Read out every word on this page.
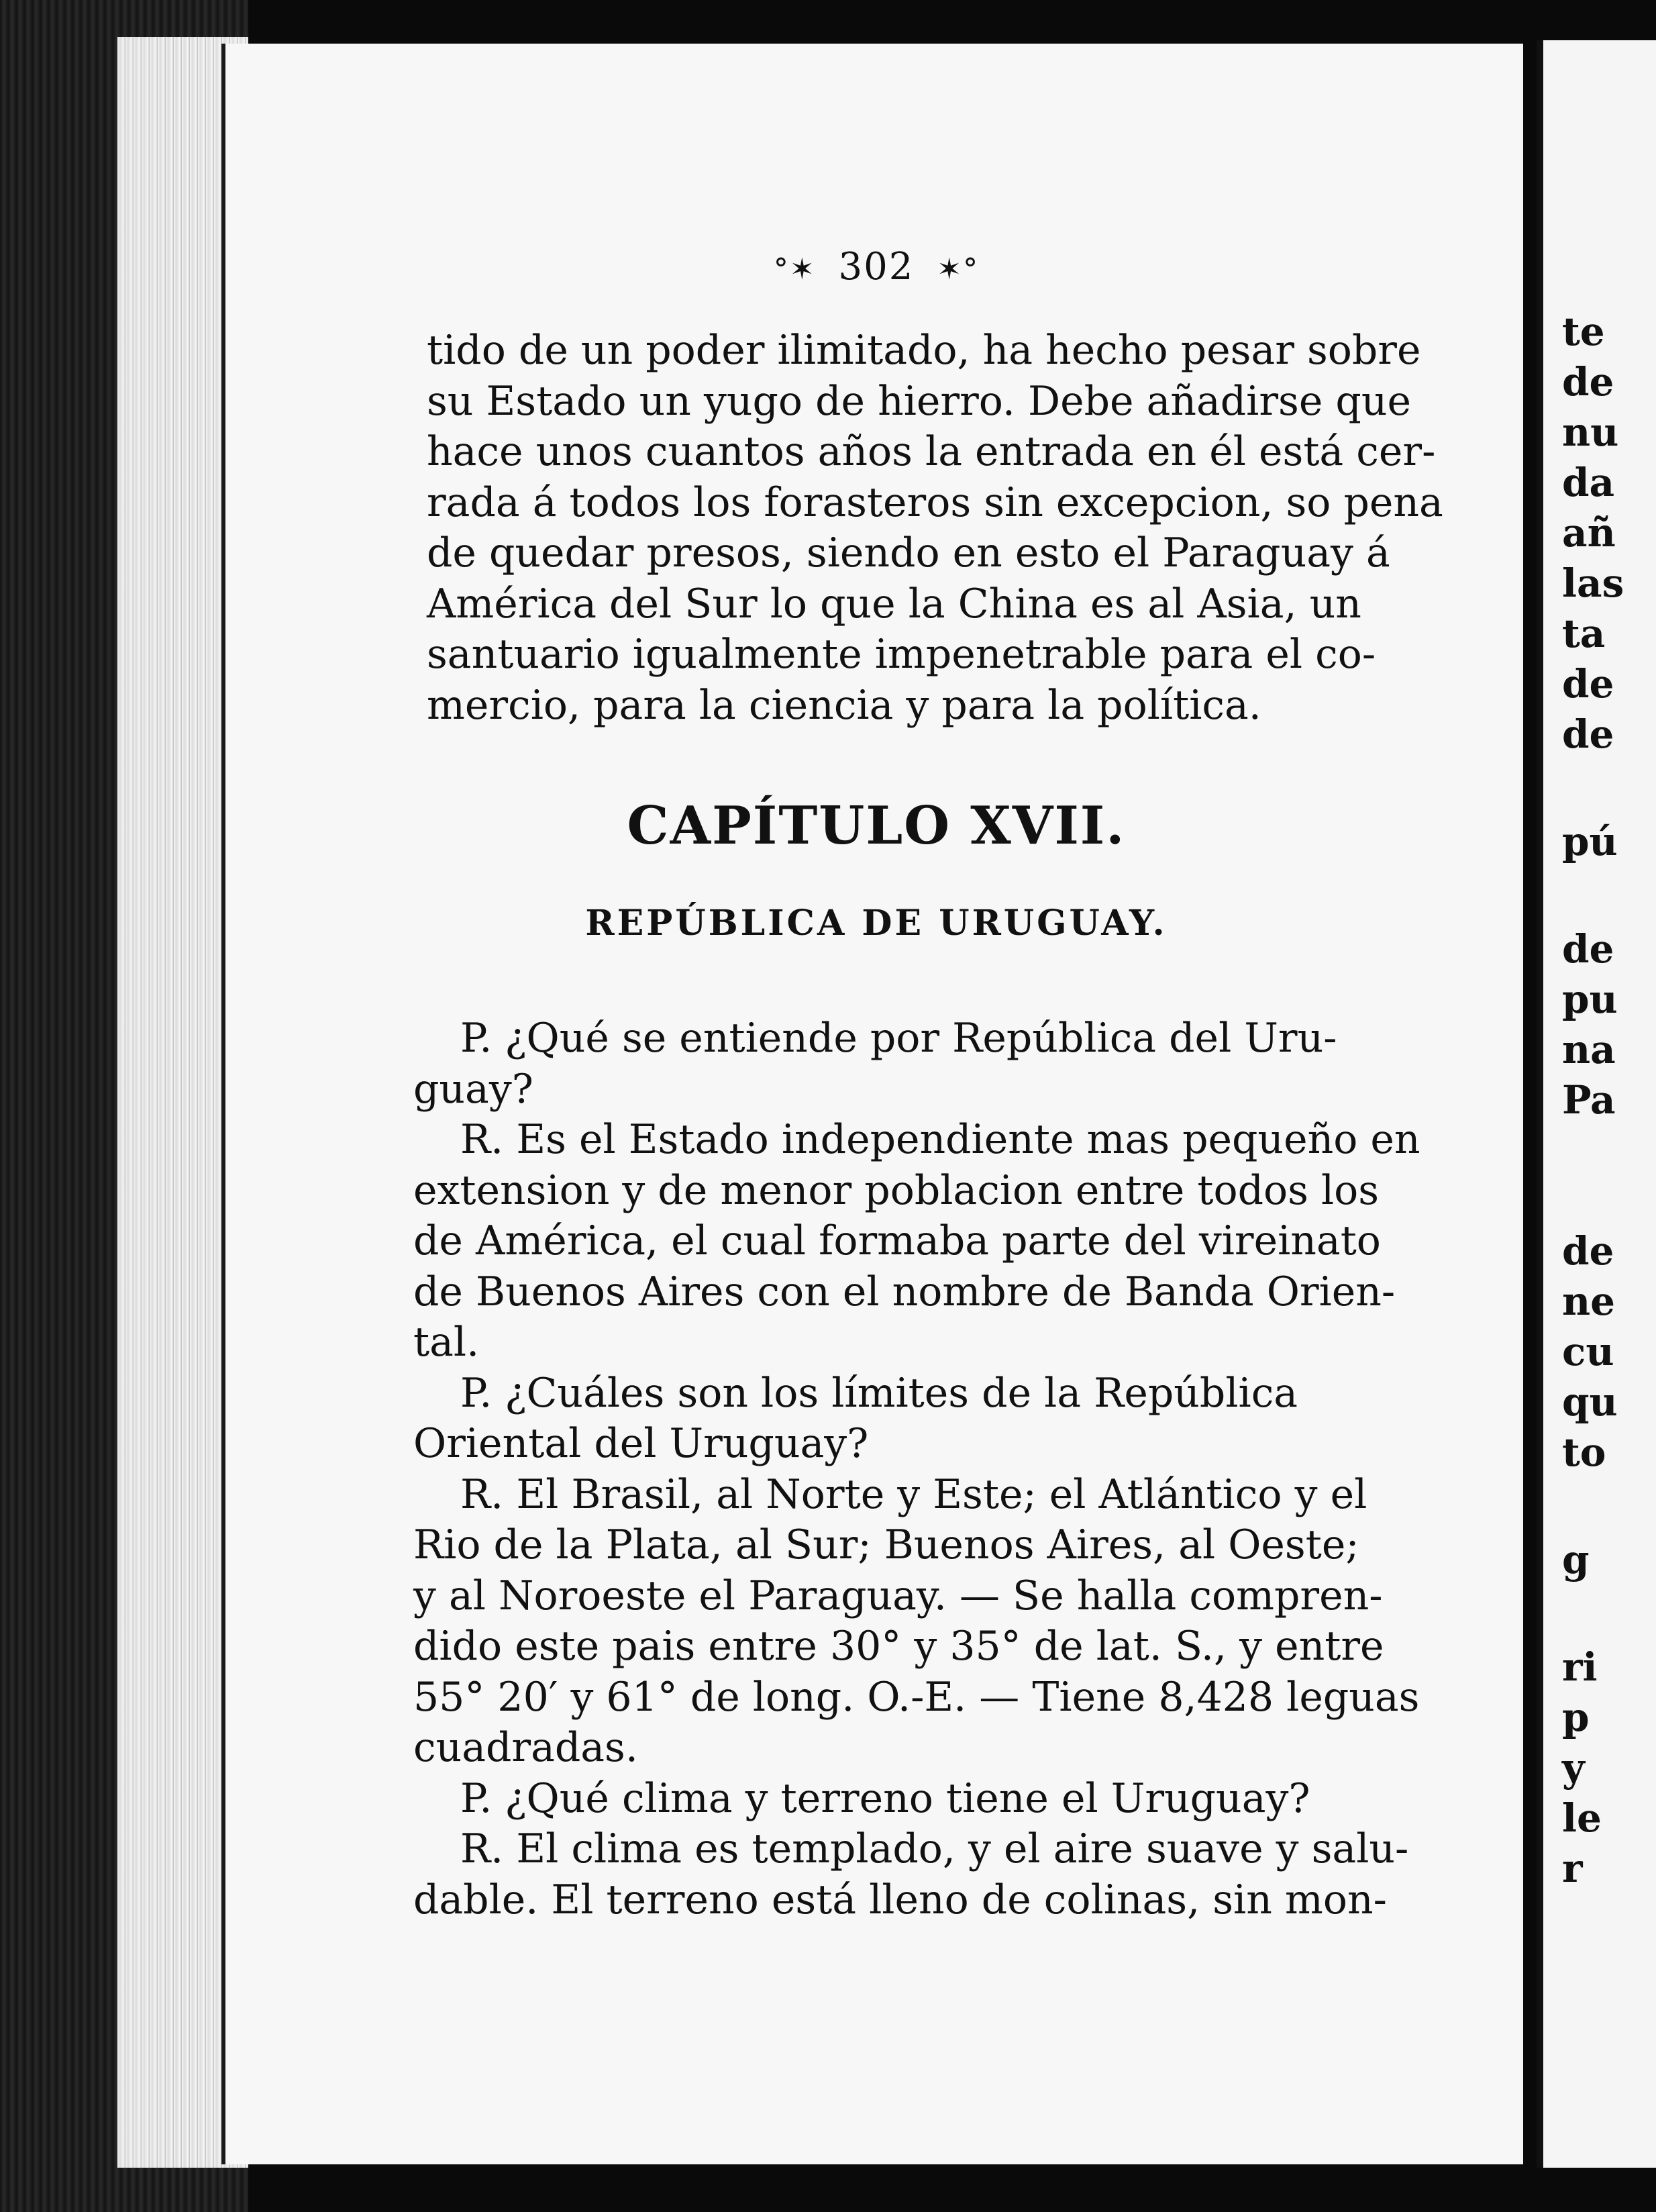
°✶ 302 ✶°
tido de un poder ilimitado, ha hecho pesar sobre
su Estado un yugo de hierro. Debe añadirse que
hace unos cuantos años la entrada en él está cer-
rada á todos los forasteros sin excepcion, so pena
de quedar presos, siendo en esto el Paraguay á
América del Sur lo que la China es al Asia, un
santuario igualmente impenetrable para el co-
mercio, para la ciencia y para la política.
CAPÍTULO XVII.
REPÚBLICA DE URUGUAY.
P. ¿Qué se entiende por República del Uru-
guay?
R. Es el Estado independiente mas pequeño en
extension y de menor poblacion entre todos los
de América, el cual formaba parte del vireinato
de Buenos Aires con el nombre de Banda Orien-
tal.
P. ¿Cuáles son los límites de la República
Oriental del Uruguay?
R. El Brasil, al Norte y Este; el Atlántico y el
Rio de la Plata, al Sur; Buenos Aires, al Oeste;
y al Noroeste el Paraguay. — Se halla compren-
dido este pais entre 30° y 35° de lat. S., y entre
55° 20′ y 61° de long. O.-E. — Tiene 8,428 leguas
cuadradas.
P. ¿Qué clima y terreno tiene el Uruguay?
R. El clima es templado, y el aire suave y salu-
dable. El terreno está lleno de colinas, sin mon-
te
de
nu
da
añ
las
ta
de
de
pú
de
pu
na
Pa
de
ne
cu
qu
to
g
ri
p
y
le
r
